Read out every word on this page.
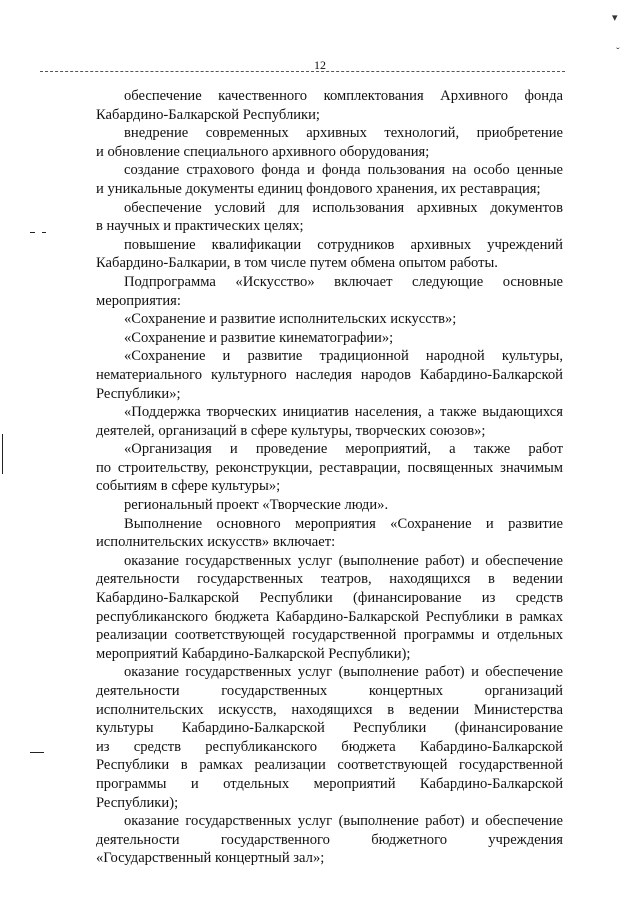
12
▾
ˇ

обеспечение качественного комплектования Архивного фонда

Кабардино-Балкарской Республики;

внедрение современных архивных технологий, приобретение

и обновление специального архивного оборудования;

создание страхового фонда и фонда пользования на особо ценные

и уникальные документы единиц фондового хранения, их реставрация;

обеспечение условий для использования архивных документов

в научных и практических целях;

повышение квалификации сотрудников архивных учреждений

Кабардино-Балкарии, в том числе путем обмена опытом работы.

Подпрограмма «Искусство» включает следующие основные

мероприятия:

«Сохранение и развитие исполнительских искусств»;

«Сохранение и развитие кинематографии»;

«Сохранение и развитие традиционной народной культуры,

нематериального культурного наследия народов Кабардино-Балкарской

Республики»;

«Поддержка творческих инициатив населения, а также выдающихся

деятелей, организаций в сфере культуры, творческих союзов»;

«Организация и проведение мероприятий, а также работ

по строительству, реконструкции, реставрации, посвященных значимым

событиям в сфере культуры»;

региональный проект «Творческие люди».

Выполнение основного мероприятия «Сохранение и развитие

исполнительских искусств» включает:

оказание государственных услуг (выполнение работ) и обеспечение

деятельности государственных театров, находящихся в ведении

Кабардино-Балкарской Республики (финансирование из средств

республиканского бюджета Кабардино-Балкарской Республики в рамках

реализации соответствующей государственной программы и отдельных

мероприятий Кабардино-Балкарской Республики);

оказание государственных услуг (выполнение работ) и обеспечение

деятельности государственных концертных организаций

исполнительских искусств, находящихся в ведении Министерства

культуры Кабардино-Балкарской Республики (финансирование

из средств республиканского бюджета Кабардино-Балкарской

Республики в рамках реализации соответствующей государственной

программы и отдельных мероприятий Кабардино-Балкарской

Республики);

оказание государственных услуг (выполнение работ) и обеспечение

деятельности государственного бюджетного учреждения

«Государственный концертный зал»;
